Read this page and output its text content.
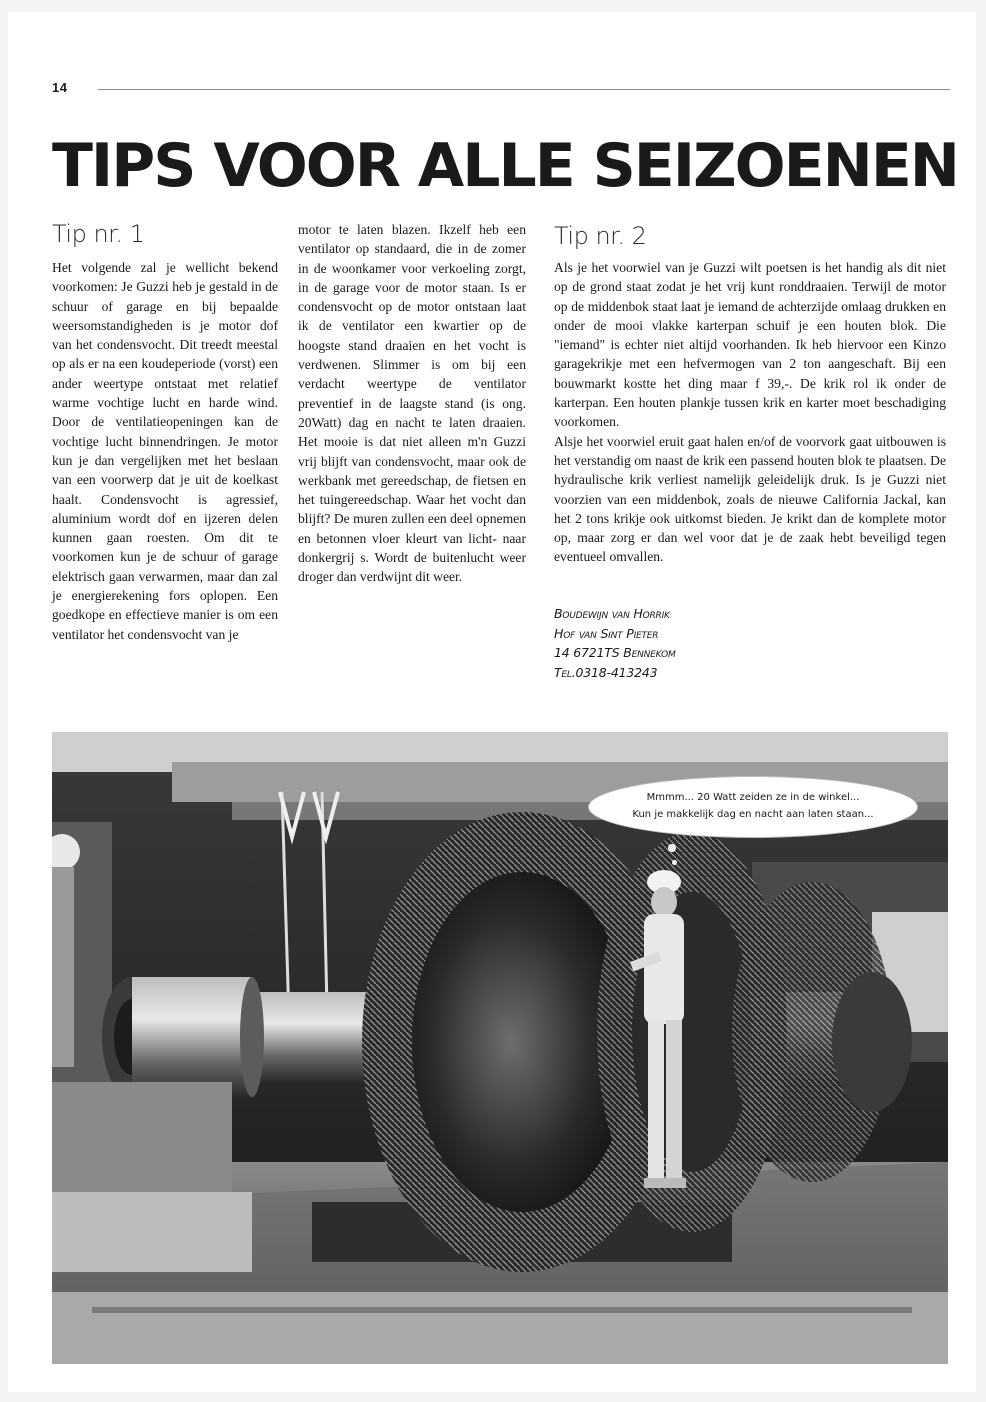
14
TIPS VOOR ALLE SEIZOENEN
Tip nr. 1

Het volgende zal je wellicht bekend voorkomen: Je Guzzi heb je gestald in de schuur of garage en bij bepaalde weersomstandigheden is je motor dof van het condensvocht. Dit treedt meestal op als er na een koudeperiode (vorst) een ander weertype ontstaat met relatief warme vochtige lucht en harde wind. Door de ventilatieopeningen kan de vochtige lucht binnendringen. Je motor kun je dan vergelijken met het beslaan van een voorwerp dat je uit de koelkast haalt. Condensvocht is agressief, aluminium wordt dof en ijzeren delen kunnen gaan roesten. Om dit te voorkomen kun je de schuur of garage elektrisch gaan verwarmen, maar dan zal je energierekening fors oplopen. Een goedkope en effectieve manier is om een ventilator het condensvocht van je

motor te laten blazen. Ikzelf heb een ventilator op standaard, die in de zomer in de woonkamer voor verkoeling zorgt, in de garage voor de motor staan. Is er condensvocht op de motor ontstaan laat ik de ventilator een kwartier op de hoogste stand draaien en het vocht is verdwenen. Slimmer is om bij een verdacht weertype de ventilator preventief in de laagste stand (is ong. 20Watt) dag en nacht te laten draaien. Het mooie is dat niet alleen m'n Guzzi vrij blijft van condensvocht, maar ook de werkbank met gereedschap, de fietsen en het tuingereedschap. Waar het vocht dan blijft? De muren zullen een deel opnemen en betonnen vloer kleurt van licht- naar donkergrij s. Wordt de buitenlucht weer droger dan verdwijnt dit weer.

Tip nr. 2

Als je het voorwiel van je Guzzi wilt poetsen is het handig als dit niet op de grond staat zodat je het vrij kunt ronddraaien. Terwijl de motor op de middenbok staat laat je iemand de achterzijde omlaag drukken en onder de mooi vlakke karterpan schuif je een houten blok. Die "iemand" is echter niet altijd voorhanden. Ik heb hiervoor een Kinzo garagekrikje met een hefvermogen van 2 ton aangeschaft. Bij een bouwmarkt kostte het ding maar f 39,-. De krik rol ik onder de karterpan. Een houten plankje tussen krik en karter moet beschadiging voorkomen.

Alsje het voorwiel eruit gaat halen en/of de voorvork gaat uitbouwen is het verstandig om naast de krik een passend houten blok te plaatsen. De hydraulische krik verliest namelijk geleidelijk druk. Is je Guzzi niet voorzien van een middenbok, zoals de nieuwe California Jackal, kan het 2 tons krikje ook uitkomst bieden. Je krikt dan de komplete motor op, maar zorg er dan wel voor dat je de zaak hebt beveiligd tegen eventueel omvallen.

Boudewijn van Horrik
Hof van Sint Pieter
14 6721TS Bennekom
Tel.0318-413243
Mmmm... 20 Watt zeiden ze in de winkel...
Kun je makkelijk dag en nacht aan laten staan...
